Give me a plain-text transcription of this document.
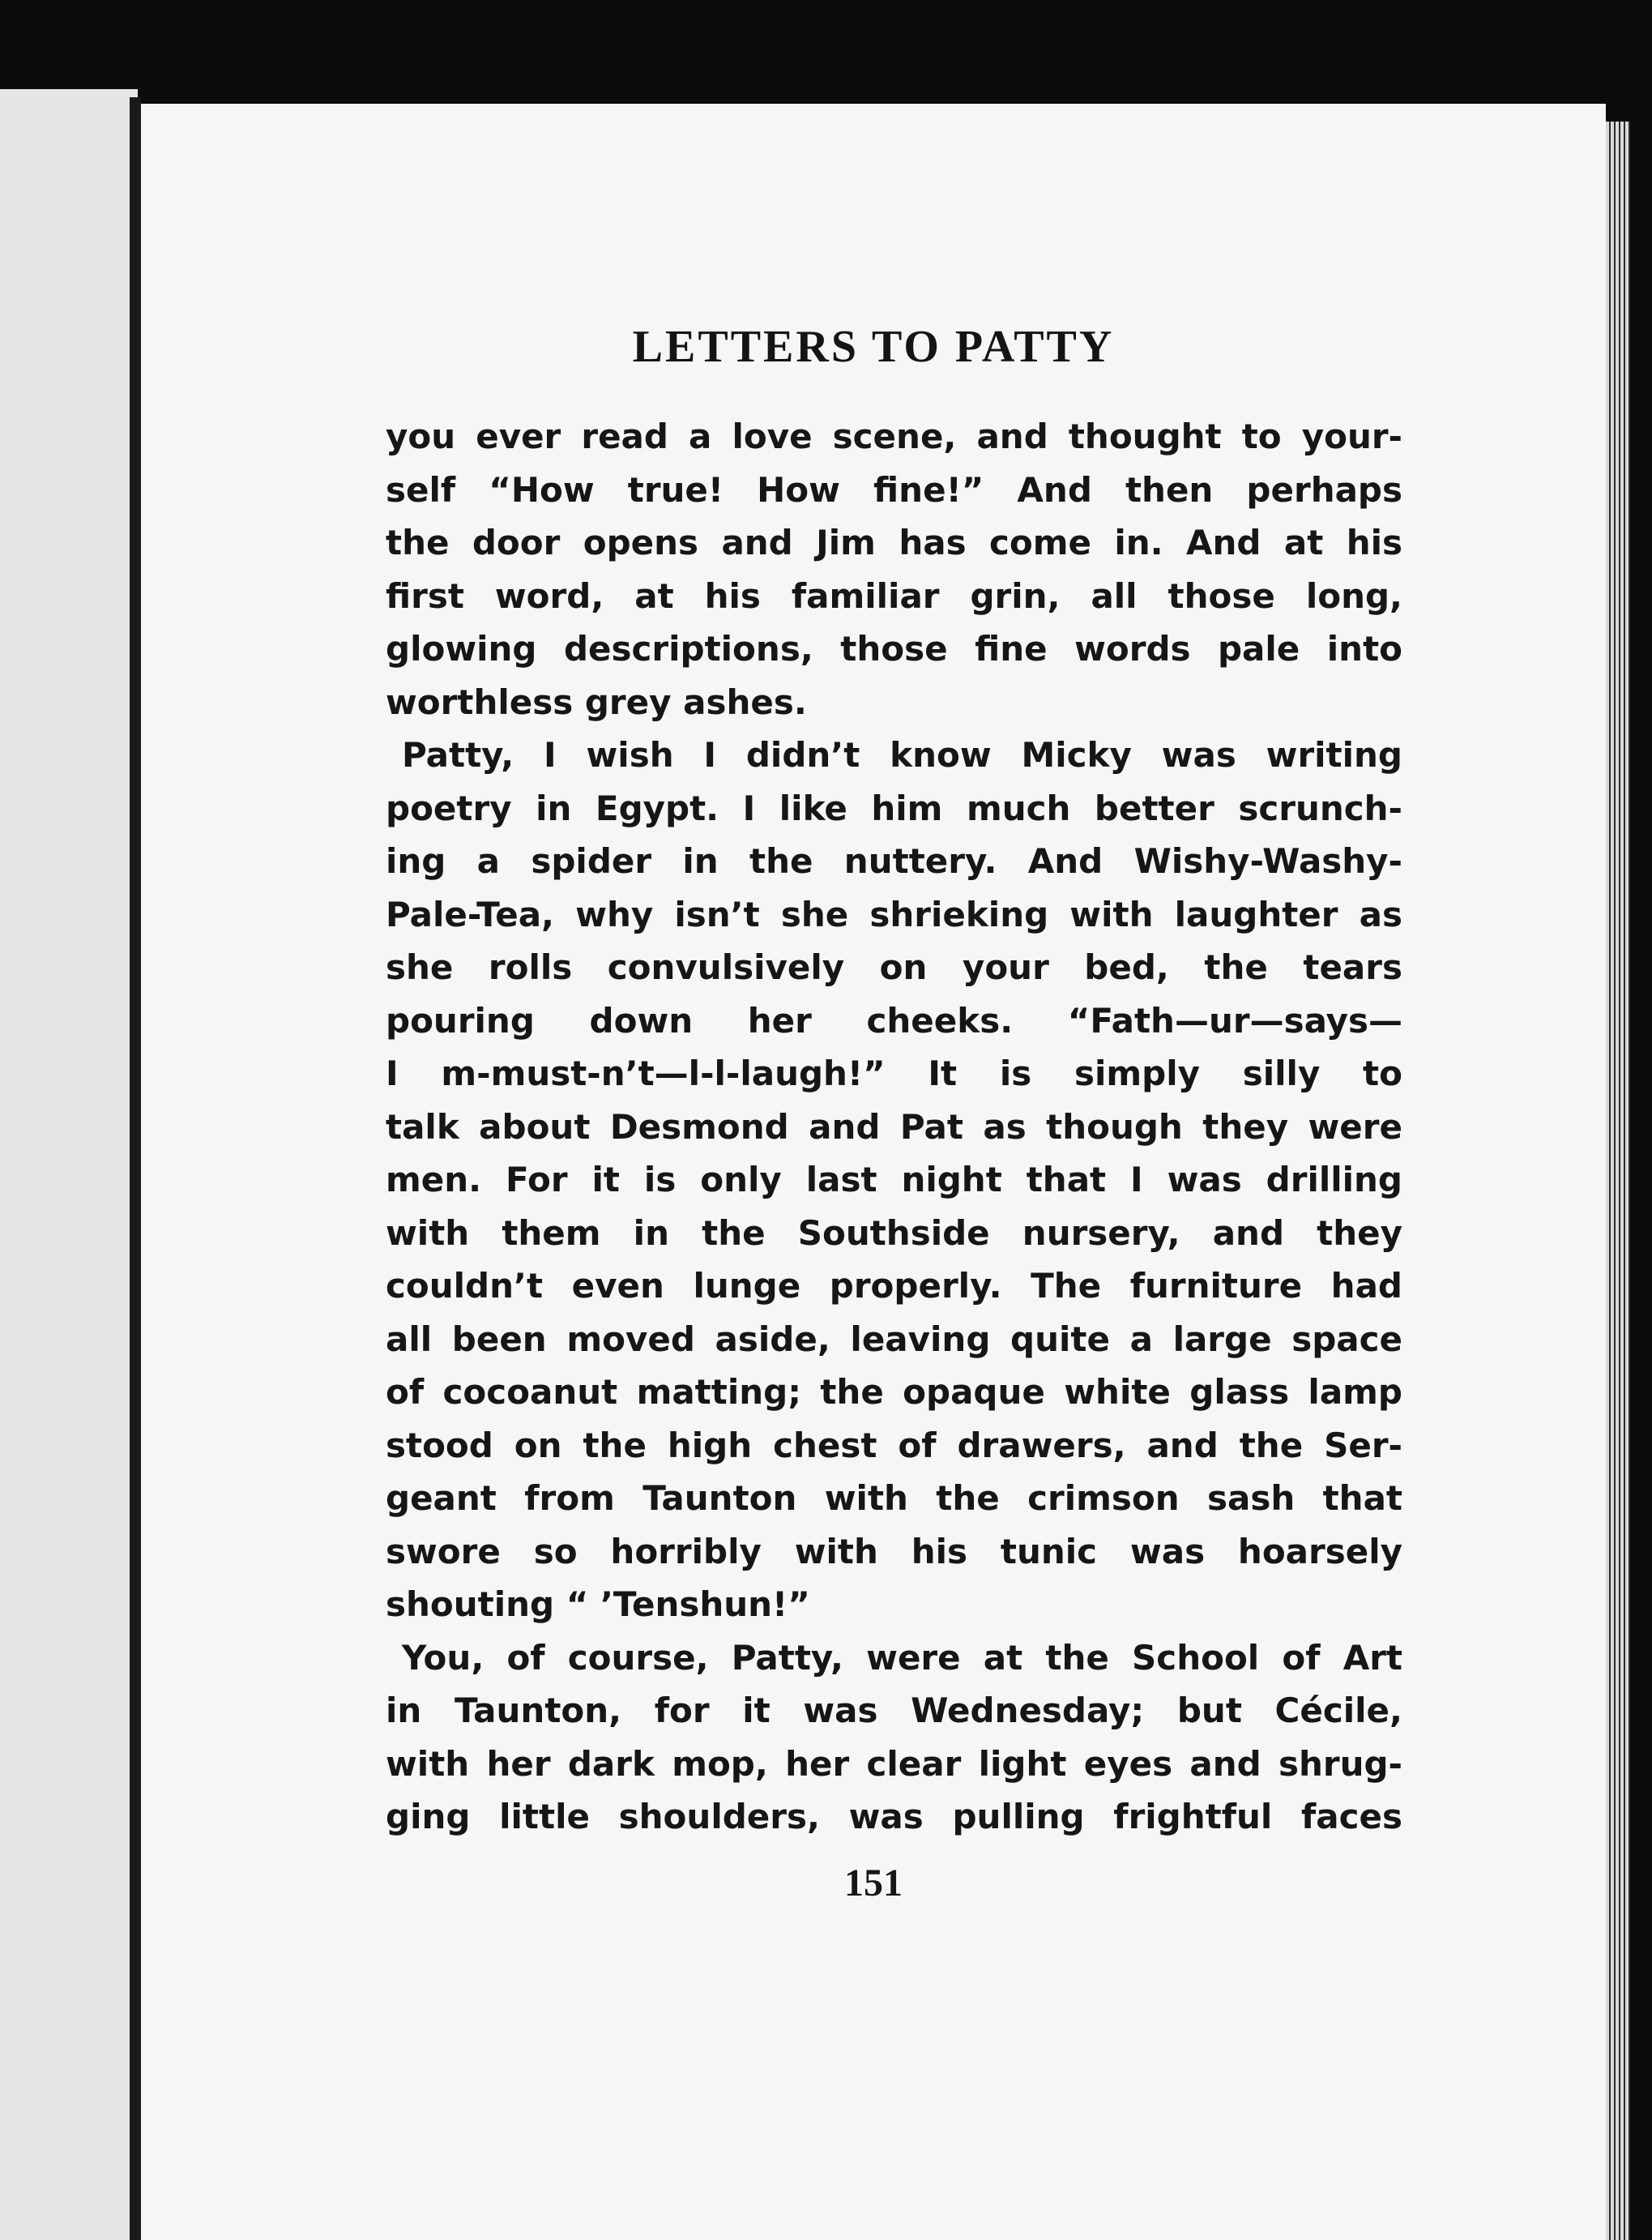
LETTERS TO PATTY
you ever read a love scene, and thought to your-
self “How true! How fine!” And then perhaps
the door opens and Jim has come in. And at his
first word, at his familiar grin, all those long,
glowing descriptions, those fine words pale into
worthless grey ashes.
Patty, I wish I didn’t know Micky was writing
poetry in Egypt. I like him much better scrunch-
ing a spider in the nuttery. And Wishy-Washy-
Pale-Tea, why isn’t she shrieking with laughter as
she rolls convulsively on your bed, the tears
pouring down her cheeks. “Fath—ur—says—
I m-must-n’t—l-l-laugh!” It is simply silly to
talk about Desmond and Pat as though they were
men. For it is only last night that I was drilling
with them in the Southside nursery, and they
couldn’t even lunge properly. The furniture had
all been moved aside, leaving quite a large space
of cocoanut matting; the opaque white glass lamp
stood on the high chest of drawers, and the Ser-
geant from Taunton with the crimson sash that
swore so horribly with his tunic was hoarsely
shouting “ ’Tenshun!”
You, of course, Patty, were at the School of Art
in Taunton, for it was Wednesday; but Cécile,
with her dark mop, her clear light eyes and shrug-
ging little shoulders, was pulling frightful faces
151
